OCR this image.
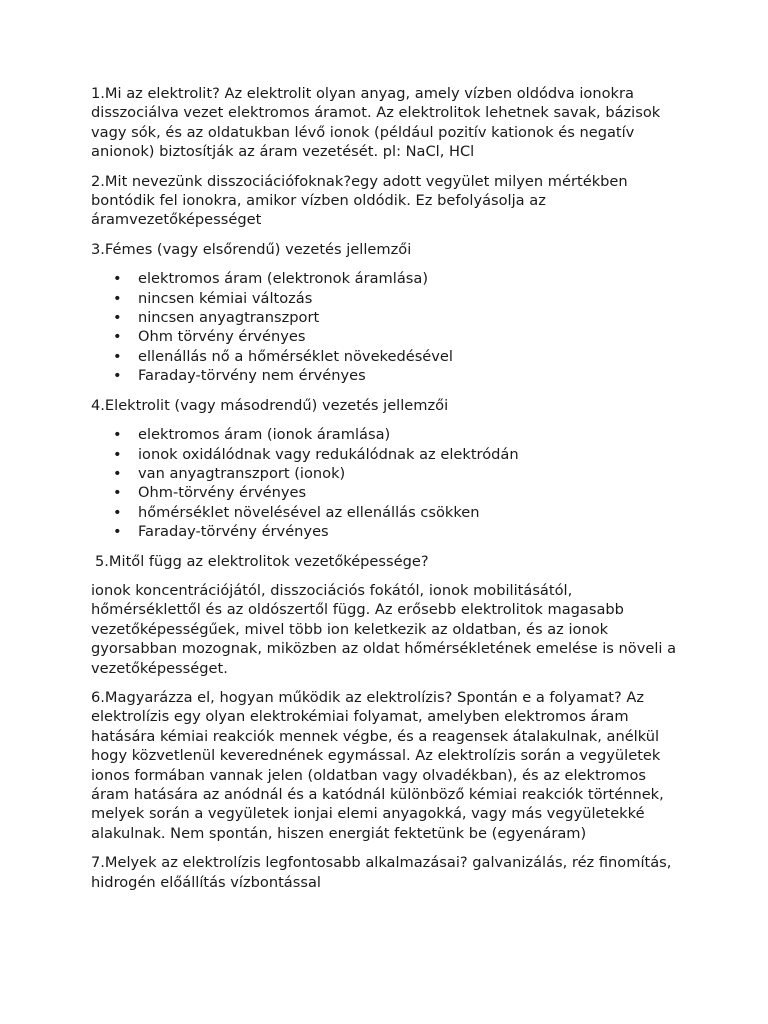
1.Mi az elektrolit? Az elektrolit olyan anyag, amely vízben oldódva ionokra disszociálva vezet elektromos áramot. Az elektrolitok lehetnek savak, bázisok vagy sók, és az oldatukban lévő ionok (például pozitív kationok és negatív anionok) biztosítják az áram vezetését. pl: NaCl, HCl

2.Mit nevezünk disszociációfoknak?egy adott vegyület milyen mértékben bontódik fel ionokra, amikor vízben oldódik. Ez befolyásolja az áramvezetőképességet

3.Fémes (vagy elsőrendű) vezetés jellemzői

• elektromos áram (elektronok áramlása)
• nincsen kémiai változás
• nincsen anyagtranszport
• Ohm törvény érvényes
• ellenállás nő a hőmérséklet növekedésével
• Faraday-törvény nem érvényes

4.Elektrolit (vagy másodrendű) vezetés jellemzői

• elektromos áram (ionok áramlása)
• ionok oxidálódnak vagy redukálódnak az elektródán
• van anyagtranszport (ionok)
• Ohm-törvény érvényes
• hőmérséklet növelésével az ellenállás csökken
• Faraday-törvény érvényes

5.Mitől függ az elektrolitok vezetőképessége?

ionok koncentrációjától, disszociációs fokától, ionok mobilitásától, hőmérséklettől és az oldószertől függ. Az erősebb elektrolitok magasabb vezetőképességűek, mivel több ion keletkezik az oldatban, és az ionok gyorsabban mozognak, miközben az oldat hőmérsékletének emelése is növeli a vezetőképességet.

6.Magyarázza el, hogyan működik az elektrolízis? Spontán e a folyamat? Az elektrolízis egy olyan elektrokémiai folyamat, amelyben elektromos áram hatására kémiai reakciók mennek végbe, és a reagensek átalakulnak, anélkül hogy közvetlenül keverednének egymással. Az elektrolízis során a vegyületek ionos formában vannak jelen (oldatban vagy olvadékban), és az elektromos áram hatására az anódnál és a katódnál különböző kémiai reakciók történnek, melyek során a vegyületek ionjai elemi anyagokká, vagy más vegyületekké alakulnak. Nem spontán, hiszen energiát fektetünk be (egyenáram)

7.Melyek az elektrolízis legfontosabb alkalmazásai? galvanizálás, réz finomítás, hidrogén előállítás vízbontással
